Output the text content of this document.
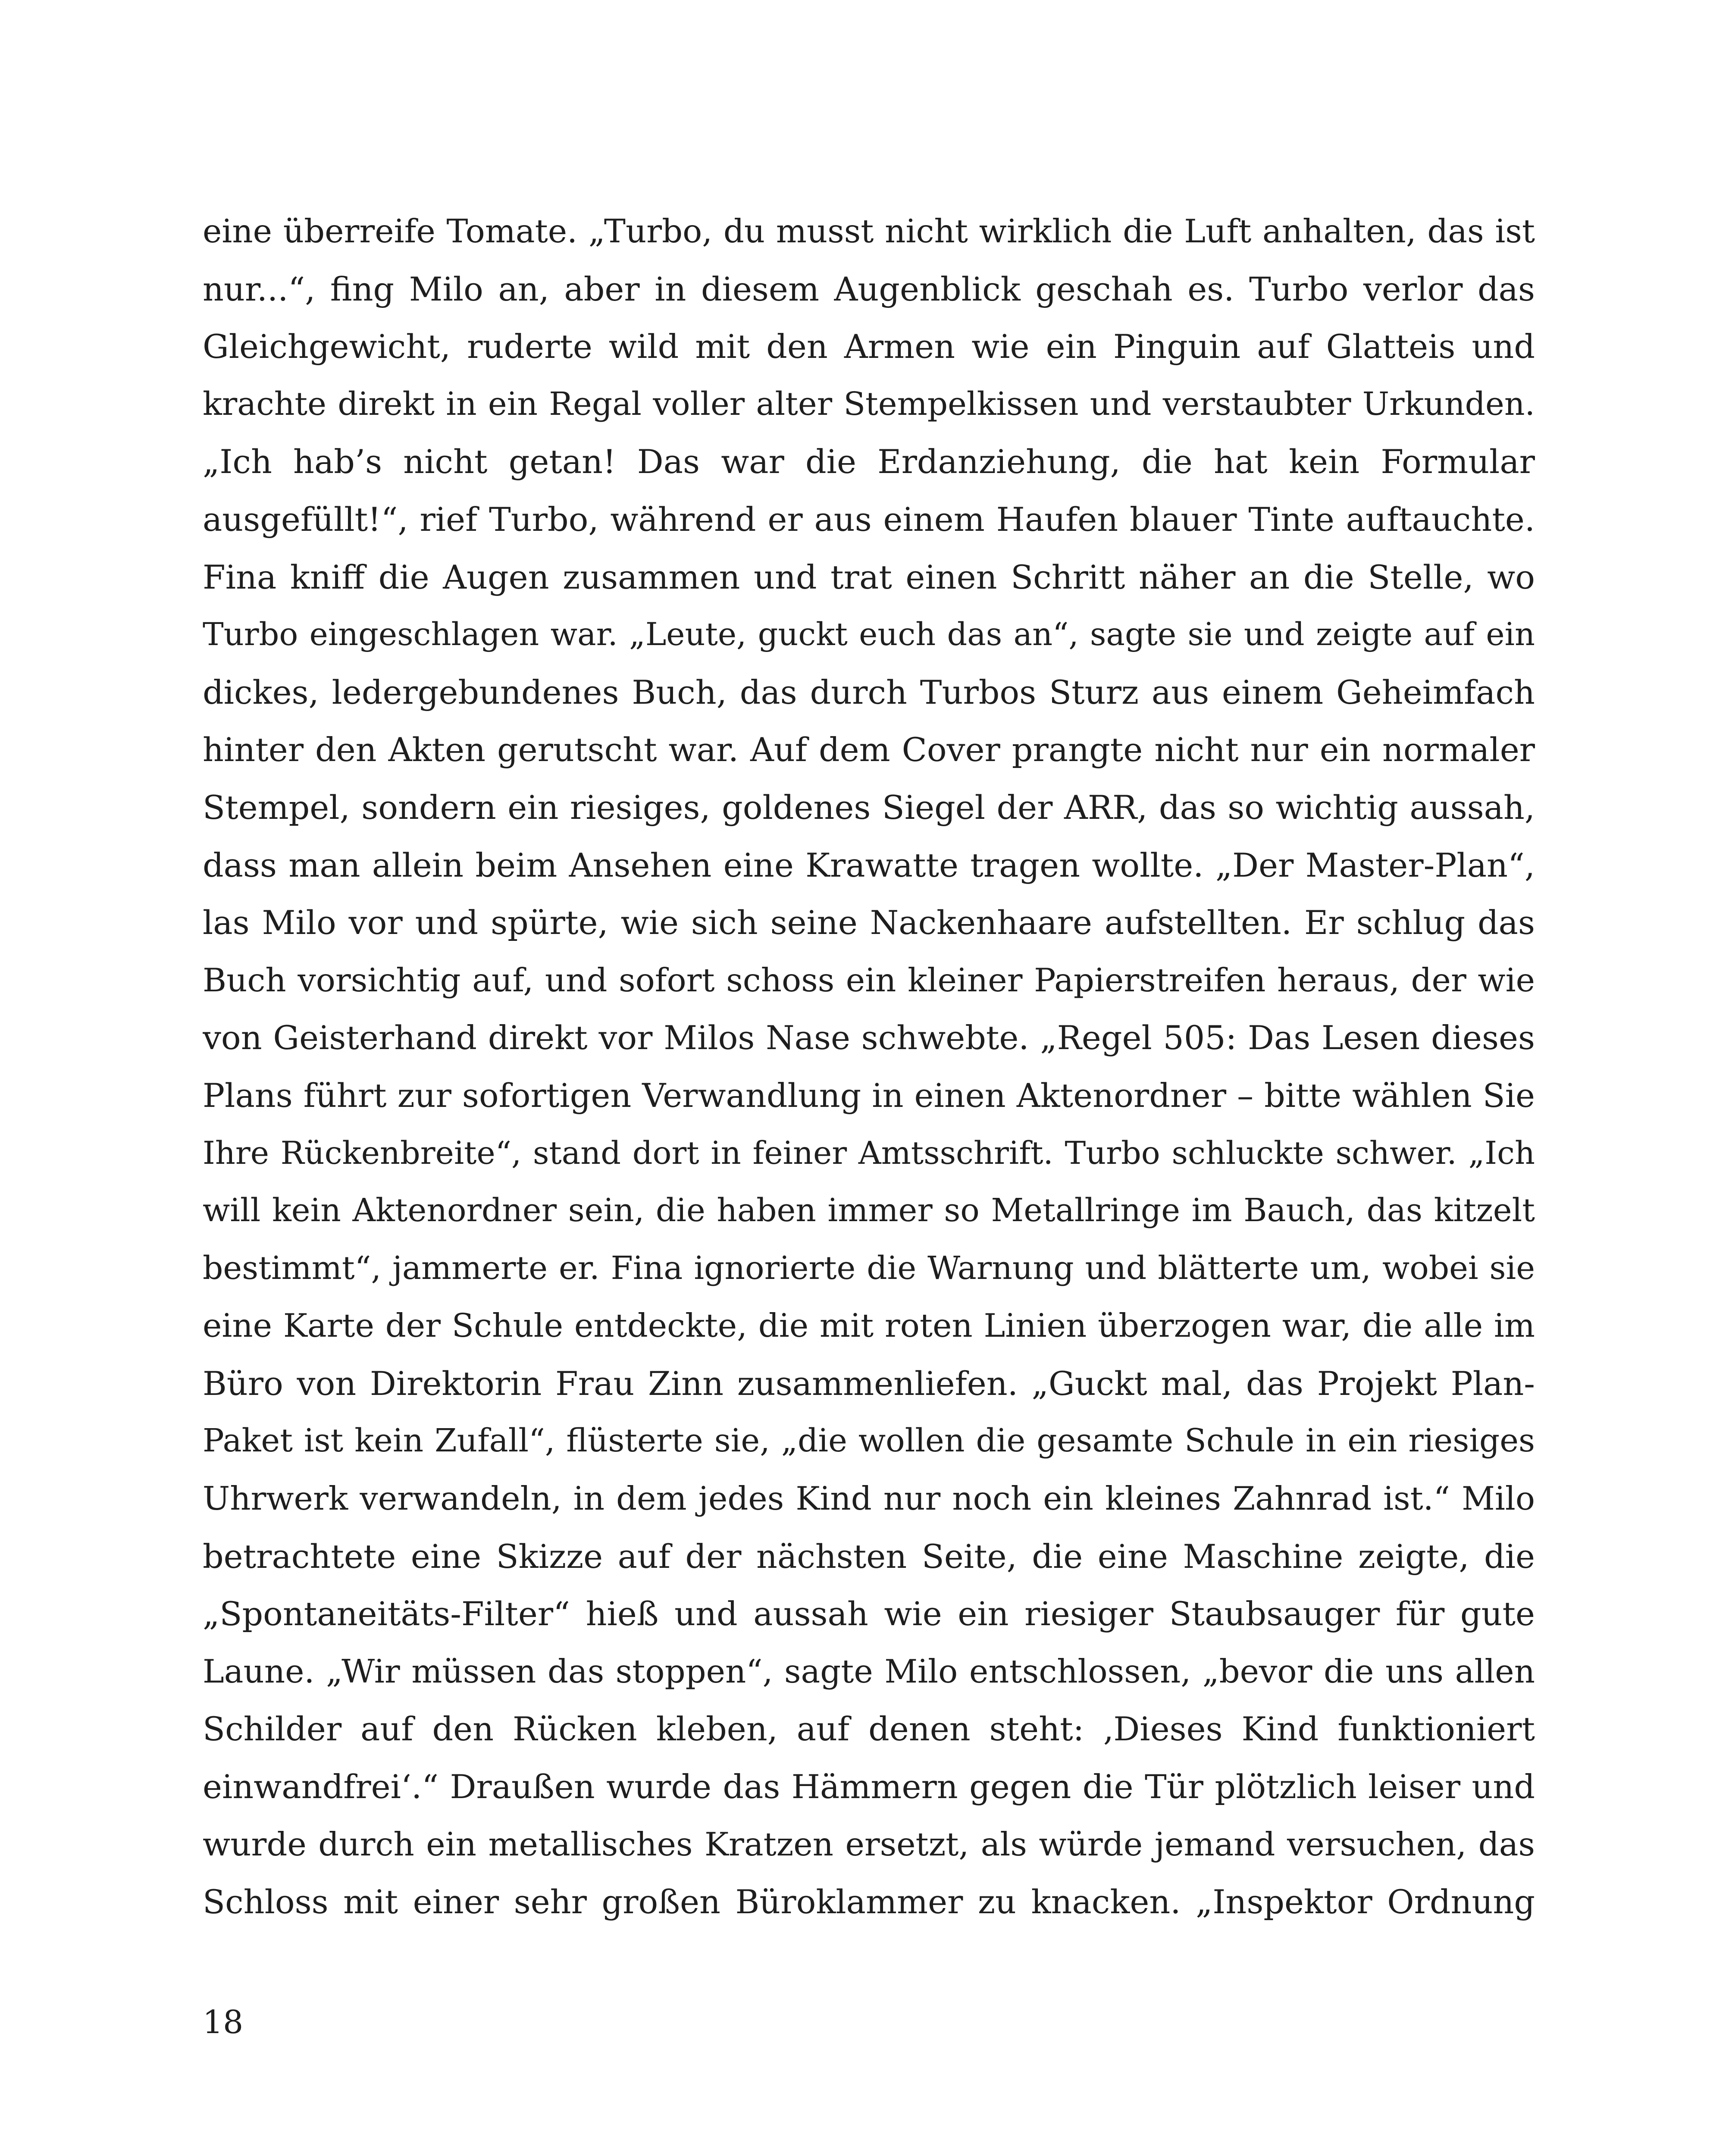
eine überreife Tomate. „Turbo, du musst nicht wirklich die Luft anhalten, das ist
nur...“, fing Milo an, aber in diesem Augenblick geschah es. Turbo verlor das
Gleichgewicht, ruderte wild mit den Armen wie ein Pinguin auf Glatteis und
krachte direkt in ein Regal voller alter Stempelkissen und verstaubter Urkunden.
„Ich hab’s nicht getan! Das war die Erdanziehung, die hat kein Formular
ausgefüllt!“, rief Turbo, während er aus einem Haufen blauer Tinte auftauchte.
Fina kniff die Augen zusammen und trat einen Schritt näher an die Stelle, wo
Turbo eingeschlagen war. „Leute, guckt euch das an“, sagte sie und zeigte auf ein
dickes, ledergebundenes Buch, das durch Turbos Sturz aus einem Geheimfach
hinter den Akten gerutscht war. Auf dem Cover prangte nicht nur ein normaler
Stempel, sondern ein riesiges, goldenes Siegel der ARR, das so wichtig aussah,
dass man allein beim Ansehen eine Krawatte tragen wollte. „Der Master-Plan“,
las Milo vor und spürte, wie sich seine Nackenhaare aufstellten. Er schlug das
Buch vorsichtig auf, und sofort schoss ein kleiner Papierstreifen heraus, der wie
von Geisterhand direkt vor Milos Nase schwebte. „Regel 505: Das Lesen dieses
Plans führt zur sofortigen Verwandlung in einen Aktenordner – bitte wählen Sie
Ihre Rückenbreite“, stand dort in feiner Amtsschrift. Turbo schluckte schwer. „Ich
will kein Aktenordner sein, die haben immer so Metallringe im Bauch, das kitzelt
bestimmt“, jammerte er. Fina ignorierte die Warnung und blätterte um, wobei sie
eine Karte der Schule entdeckte, die mit roten Linien überzogen war, die alle im
Büro von Direktorin Frau Zinn zusammenliefen. „Guckt mal, das Projekt Plan-
Paket ist kein Zufall“, flüsterte sie, „die wollen die gesamte Schule in ein riesiges
Uhrwerk verwandeln, in dem jedes Kind nur noch ein kleines Zahnrad ist.“ Milo
betrachtete eine Skizze auf der nächsten Seite, die eine Maschine zeigte, die
„Spontaneitäts-Filter“ hieß und aussah wie ein riesiger Staubsauger für gute
Laune. „Wir müssen das stoppen“, sagte Milo entschlossen, „bevor die uns allen
Schilder auf den Rücken kleben, auf denen steht: ‚Dieses Kind funktioniert
einwandfrei‘.“ Draußen wurde das Hämmern gegen die Tür plötzlich leiser und
wurde durch ein metallisches Kratzen ersetzt, als würde jemand versuchen, das
Schloss mit einer sehr großen Büroklammer zu knacken. „Inspektor Ordnung
18
